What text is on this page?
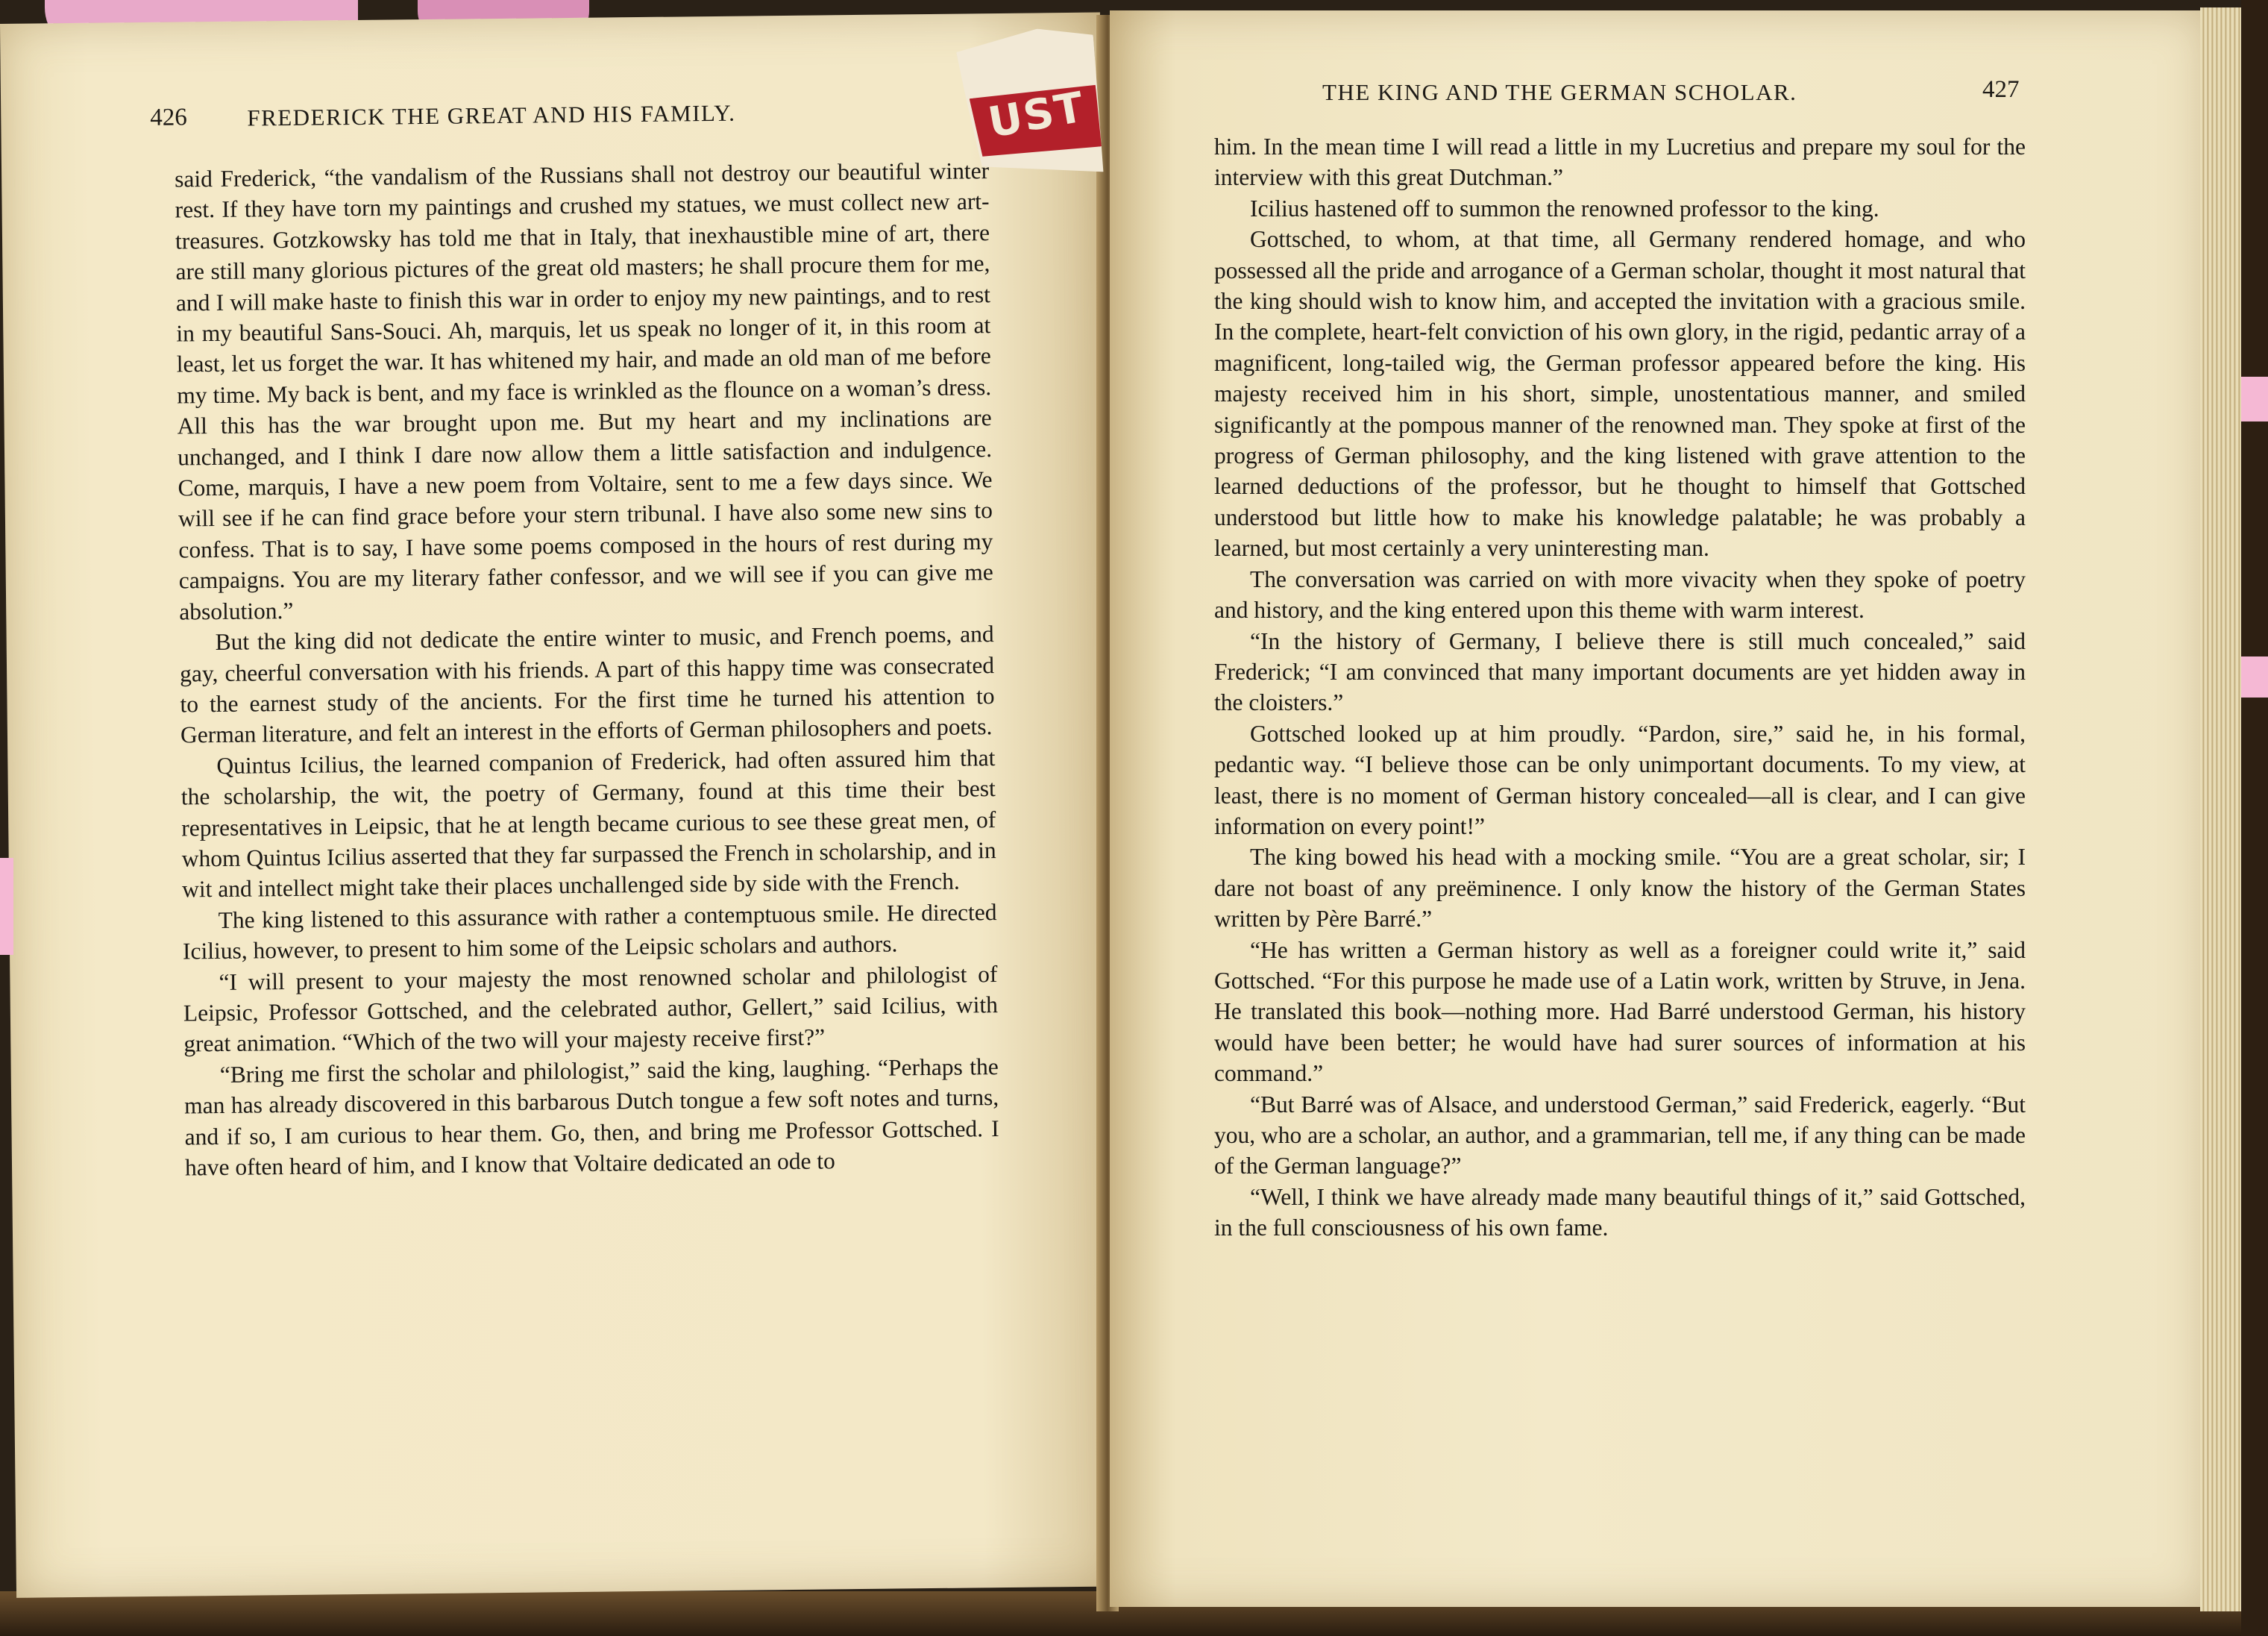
426	FREDERICK THE GREAT AND HIS FAMILY.

said Frederick, “the vandalism of the Russians shall not destroy our beautiful winter rest. If they have torn my paintings and crushed my statues, we must collect new art-treasures. Gotzkowsky has told me that in Italy, that inexhaustible mine of art, there are still many glorious pictures of the great old masters; he shall procure them for me, and I will make haste to finish this war in order to enjoy my new paintings, and to rest in my beautiful Sans-Souci. Ah, marquis, let us speak no longer of it, in this room at least, let us forget the war. It has whitened my hair, and made an old man of me before my time. My back is bent, and my face is wrinkled as the flounce on a woman’s dress. All this has the war brought upon me. But my heart and my inclinations are unchanged, and I think I dare now allow them a little satisfaction and indulgence. Come, marquis, I have a new poem from Voltaire, sent to me a few days since. We will see if he can find grace before your stern tribunal. I have also some new sins to confess. That is to say, I have some poems composed in the hours of rest during my campaigns. You are my literary father confessor, and we will see if you can give me absolution.”

But the king did not dedicate the entire winter to music, and French poems, and gay, cheerful conversation with his friends. A part of this happy time was consecrated to the earnest study of the ancients. For the first time he turned his attention to German literature, and felt an interest in the efforts of German philosophers and poets.

Quintus Icilius, the learned companion of Frederick, had often assured him that the scholarship, the wit, the poetry of Germany, found at this time their best representatives in Leipsic, that he at length became curious to see these great men, of whom Quintus Icilius asserted that they far surpassed the French in scholarship, and in wit and intellect might take their places unchallenged side by side with the French.

The king listened to this assurance with rather a contemptuous smile. He directed Icilius, however, to present to him some of the Leipsic scholars and authors.

“I will present to your majesty the most renowned scholar and philologist of Leipsic, Professor Gottsched, and the celebrated author, Gellert,” said Icilius, with great animation. “Which of the two will your majesty receive first?”

“Bring me first the scholar and philologist,” said the king, laughing. “Perhaps the man has already discovered in this barbarous Dutch tongue a few soft notes and turns, and if so, I am curious to hear them. Go, then, and bring me Professor Gottsched. I have often heard of him, and I know that Voltaire dedicated an ode to

THE KING AND THE GERMAN SCHOLAR.	427

him. In the mean time I will read a little in my Lucretius and prepare my soul for the interview with this great Dutchman.”

Icilius hastened off to summon the renowned professor to the king.

Gottsched, to whom, at that time, all Germany rendered homage, and who possessed all the pride and arrogance of a German scholar, thought it most natural that the king should wish to know him, and accepted the invitation with a gracious smile. In the complete, heart-felt conviction of his own glory, in the rigid, pedantic array of a magnificent, long-tailed wig, the German professor appeared before the king. His majesty received him in his short, simple, unostentatious manner, and smiled significantly at the pompous manner of the renowned man. They spoke at first of the progress of German philosophy, and the king listened with grave attention to the learned deductions of the professor, but he thought to himself that Gottsched understood but little how to make his knowledge palatable; he was probably a learned, but most certainly a very uninteresting man.

The conversation was carried on with more vivacity when they spoke of poetry and history, and the king entered upon this theme with warm interest.

“In the history of Germany, I believe there is still much concealed,” said Frederick; “I am convinced that many important documents are yet hidden away in the cloisters.”

Gottsched looked up at him proudly. “Pardon, sire,” said he, in his formal, pedantic way. “I believe those can be only unimportant documents. To my view, at least, there is no moment of German history concealed—all is clear, and I can give information on every point!”

The king bowed his head with a mocking smile. “You are a great scholar, sir; I dare not boast of any preëminence. I only know the history of the German States written by Père Barré.”

“He has written a German history as well as a foreigner could write it,” said Gottsched. “For this purpose he made use of a Latin work, written by Struve, in Jena. He translated this book—nothing more. Had Barré understood German, his history would have been better; he would have had surer sources of information at his command.”

“But Barré was of Alsace, and understood German,” said Frederick, eagerly. “But you, who are a scholar, an author, and a grammarian, tell me, if any thing can be made of the German language?”

“Well, I think we have already made many beautiful things of it,” said Gottsched, in the full consciousness of his own fame.

UST
